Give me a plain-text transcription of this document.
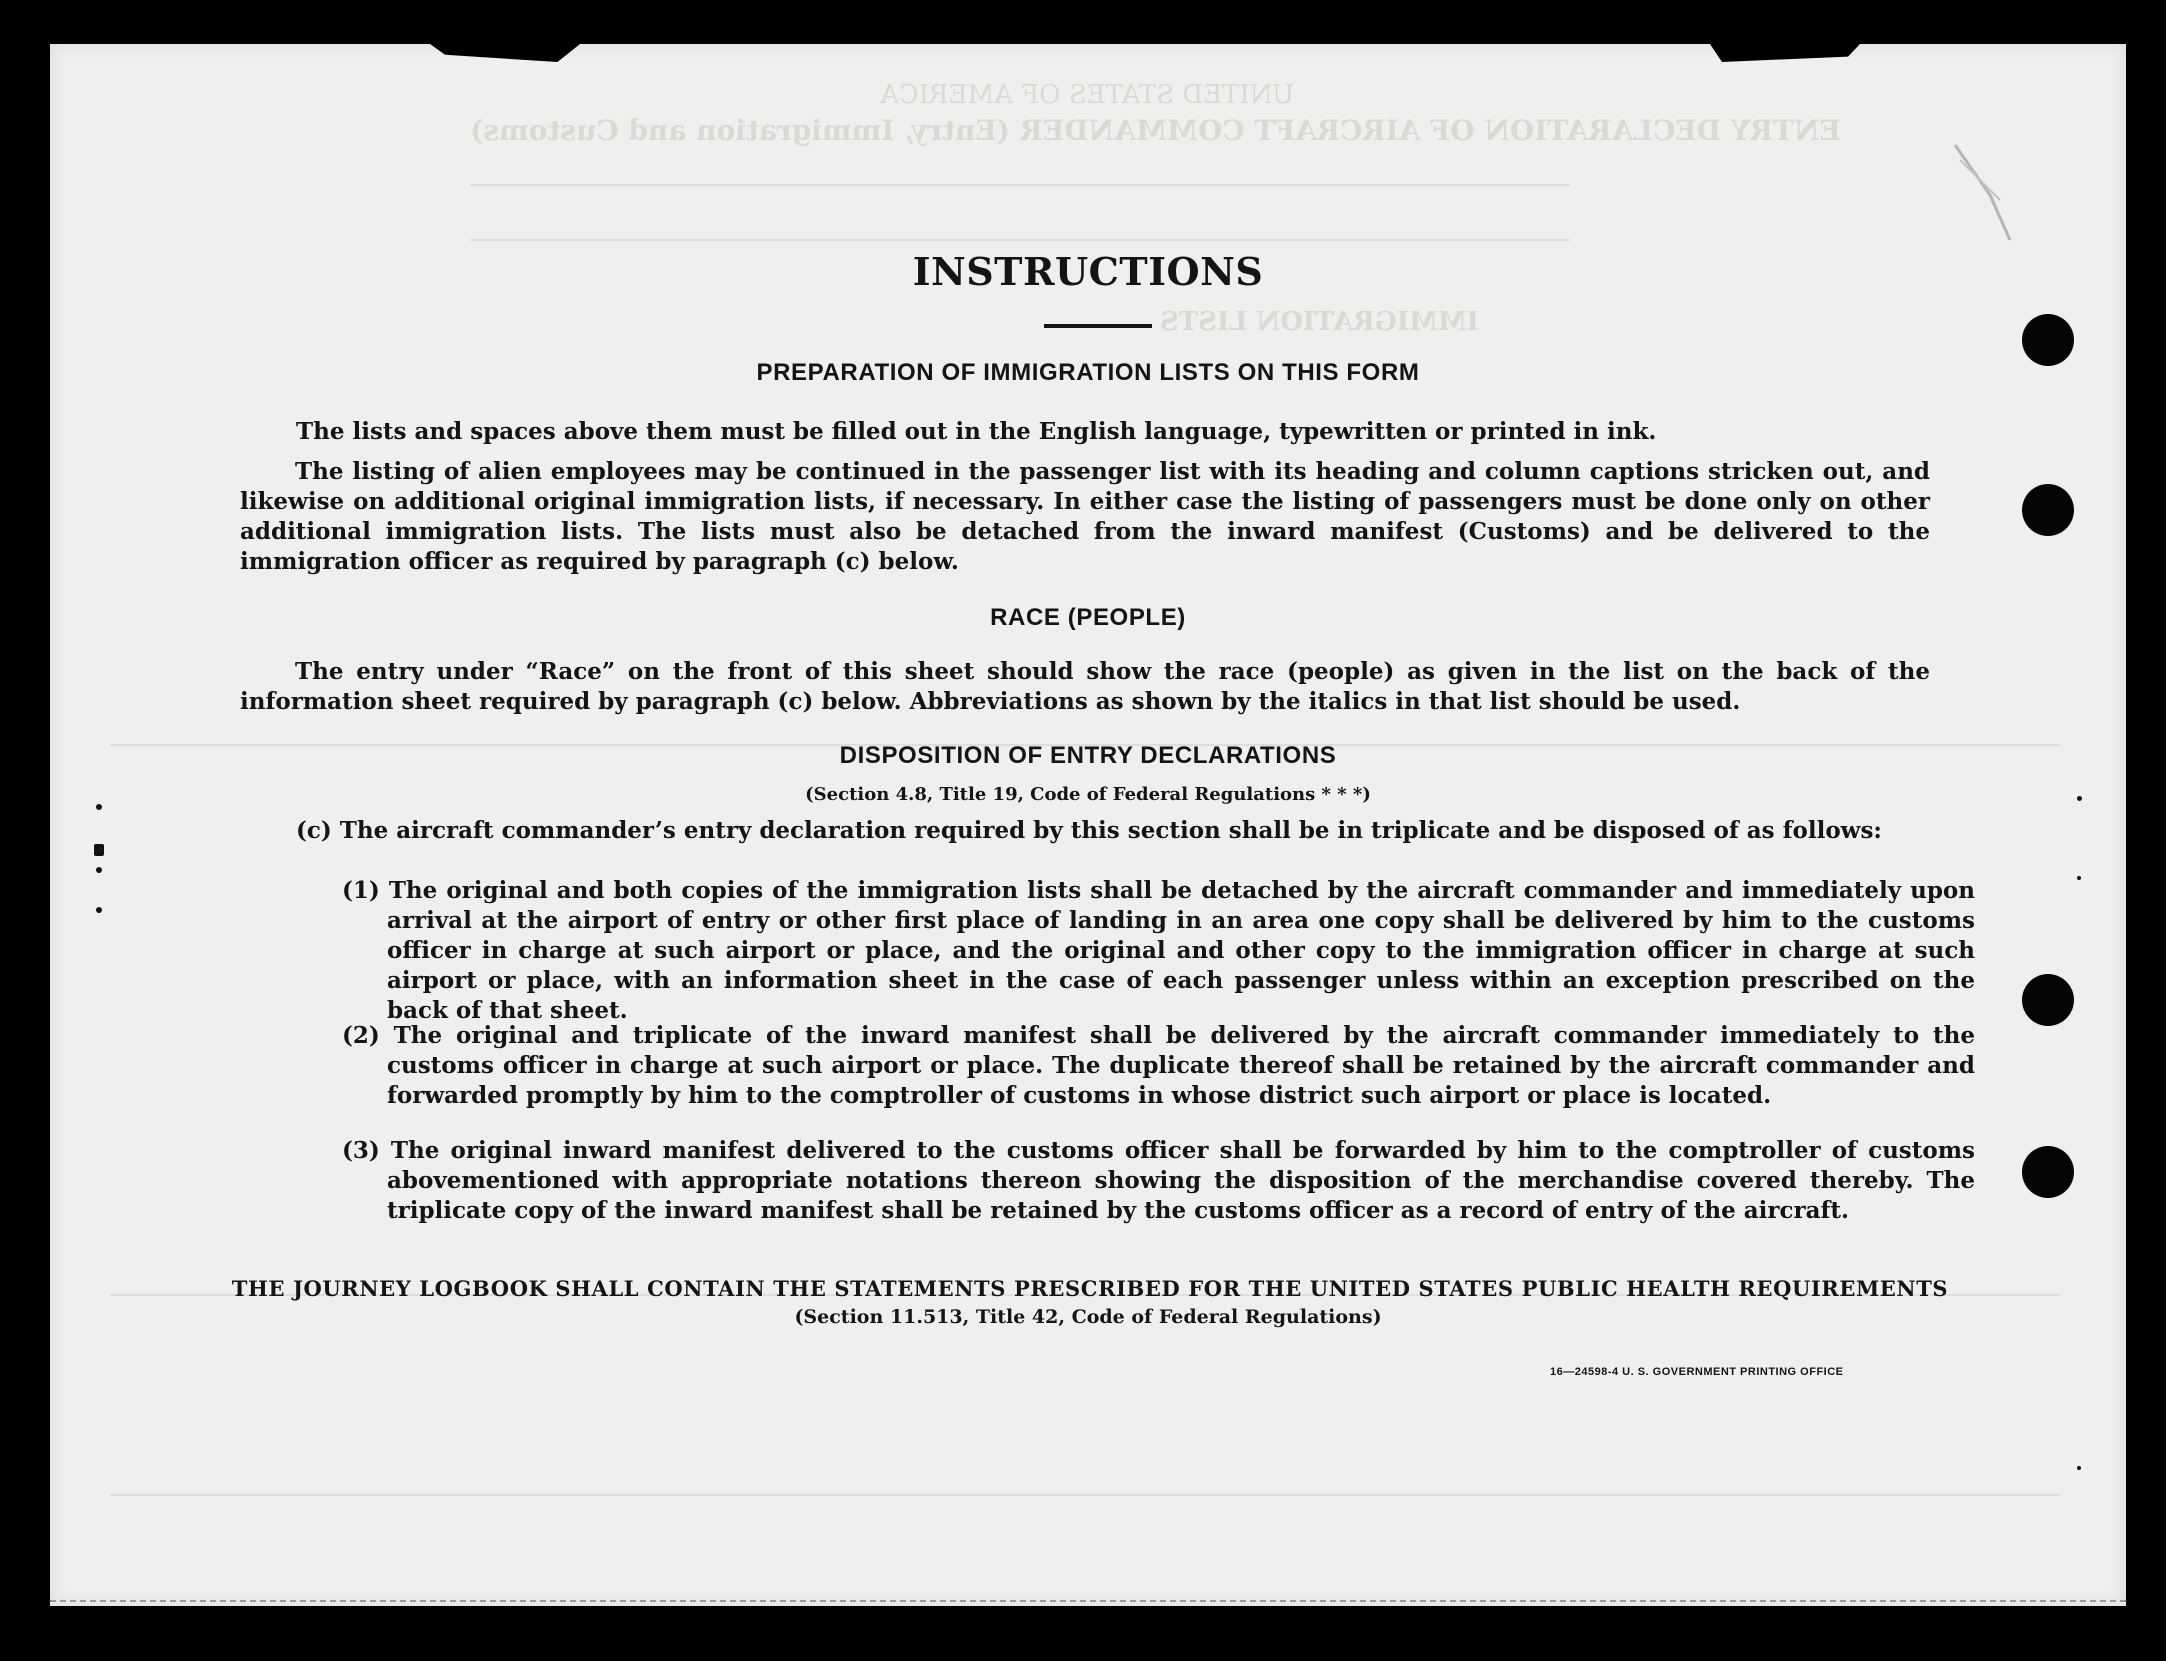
UNITED STATES OF AMERICA
ENTRY DECLARATION OF AIRCRAFT COMMANDER (Entry, Immigration and Customs)
IMMIGRATION LISTS
INSTRUCTIONS
PREPARATION OF IMMIGRATION LISTS ON THIS FORM
The lists and spaces above them must be filled out in the English language, typewritten or printed in ink.
The listing of alien employees may be continued in the passenger list with its heading and column captions stricken out, and likewise on additional original immigration lists, if necessary. In either case the listing of passengers must be done only on other additional immigration lists. The lists must also be detached from the inward manifest (Customs) and be delivered to the immigration officer as required by paragraph (c) below.
RACE (PEOPLE)
The entry under “Race” on the front of this sheet should show the race (people) as given in the list on the back of the information sheet required by paragraph (c) below. Abbreviations as shown by the italics in that list should be used.
DISPOSITION OF ENTRY DECLARATIONS
(Section 4.8, Title 19, Code of Federal Regulations * * *)
(c) The aircraft commander’s entry declaration required by this section shall be in triplicate and be disposed of as follows:
(1) The original and both copies of the immigration lists shall be detached by the aircraft commander and immediately upon arrival at the airport of entry or other first place of landing in an area one copy shall be delivered by him to the customs officer in charge at such airport or place, and the original and other copy to the immigration officer in charge at such airport or place, with an information sheet in the case of each passenger unless within an exception prescribed on the back of that sheet.
(2) The original and triplicate of the inward manifest shall be delivered by the aircraft commander immediately to the customs officer in charge at such airport or place. The duplicate thereof shall be retained by the aircraft commander and forwarded promptly by him to the comptroller of customs in whose district such airport or place is located.
(3) The original inward manifest delivered to the customs officer shall be forwarded by him to the comptroller of customs abovementioned with appropriate notations thereon showing the disposition of the merchandise covered thereby. The triplicate copy of the inward manifest shall be retained by the customs officer as a record of entry of the aircraft.
THE JOURNEY LOGBOOK SHALL CONTAIN THE STATEMENTS PRESCRIBED FOR THE UNITED STATES PUBLIC HEALTH REQUIREMENTS
(Section 11.513, Title 42, Code of Federal Regulations)
16—24598-4 U. S. GOVERNMENT PRINTING OFFICE
